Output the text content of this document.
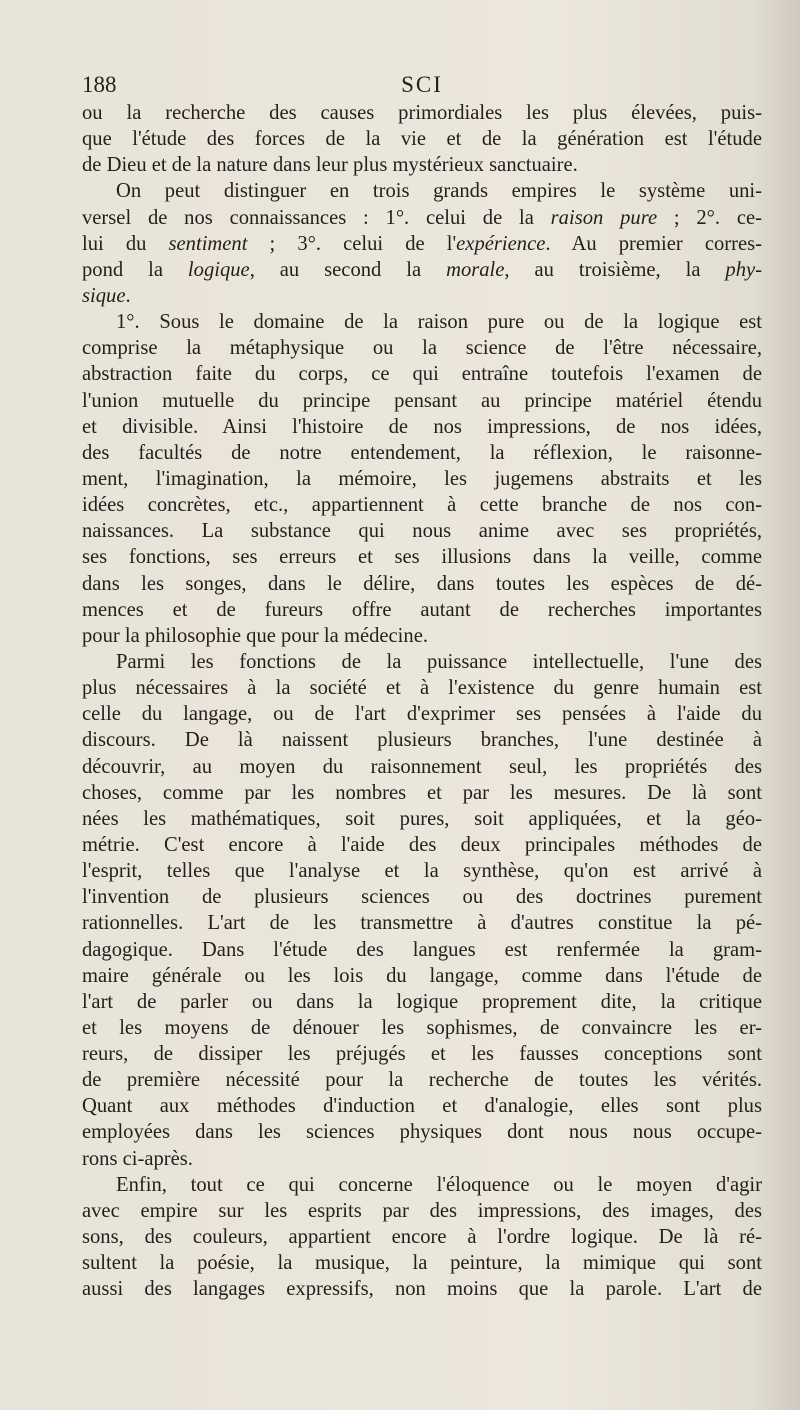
188	SCI
ou la recherche des causes primordiales les plus élevées, puis-
que l'étude des forces de la vie et de la génération est l'étude
de Dieu et de la nature dans leur plus mystérieux sanctuaire.
On peut distinguer en trois grands empires le système uni-
versel de nos connaissances : 1°. celui de la raison pure ; 2°. ce-
lui du sentiment ; 3°. celui de l'expérience. Au premier corres-
pond la logique, au second la morale, au troisième, la phy-
sique.
1°. Sous le domaine de la raison pure ou de la logique est
comprise la métaphysique ou la science de l'être nécessaire,
abstraction faite du corps, ce qui entraîne toutefois l'examen de
l'union mutuelle du principe pensant au principe matériel étendu
et divisible. Ainsi l'histoire de nos impressions, de nos idées,
des facultés de notre entendement, la réflexion, le raisonne-
ment, l'imagination, la mémoire, les jugemens abstraits et les
idées concrètes, etc., appartiennent à cette branche de nos con-
naissances. La substance qui nous anime avec ses propriétés,
ses fonctions, ses erreurs et ses illusions dans la veille, comme
dans les songes, dans le délire, dans toutes les espèces de dé-
mences et de fureurs offre autant de recherches importantes
pour la philosophie que pour la médecine.
Parmi les fonctions de la puissance intellectuelle, l'une des
plus nécessaires à la société et à l'existence du genre humain est
celle du langage, ou de l'art d'exprimer ses pensées à l'aide du
discours. De là naissent plusieurs branches, l'une destinée à
découvrir, au moyen du raisonnement seul, les propriétés des
choses, comme par les nombres et par les mesures. De là sont
nées les mathématiques, soit pures, soit appliquées, et la géo-
métrie. C'est encore à l'aide des deux principales méthodes de
l'esprit, telles que l'analyse et la synthèse, qu'on est arrivé à
l'invention de plusieurs sciences ou des doctrines purement
rationnelles. L'art de les transmettre à d'autres constitue la pé-
dagogique. Dans l'étude des langues est renfermée la gram-
maire générale ou les lois du langage, comme dans l'étude de
l'art de parler ou dans la logique proprement dite, la critique
et les moyens de dénouer les sophismes, de convaincre les er-
reurs, de dissiper les préjugés et les fausses conceptions sont
de première nécessité pour la recherche de toutes les vérités.
Quant aux méthodes d'induction et d'analogie, elles sont plus
employées dans les sciences physiques dont nous nous occupe-
rons ci-après.
Enfin, tout ce qui concerne l'éloquence ou le moyen d'agir
avec empire sur les esprits par des impressions, des images, des
sons, des couleurs, appartient encore à l'ordre logique. De là ré-
sultent la poésie, la musique, la peinture, la mimique qui sont
aussi des langages expressifs, non moins que la parole. L'art de
